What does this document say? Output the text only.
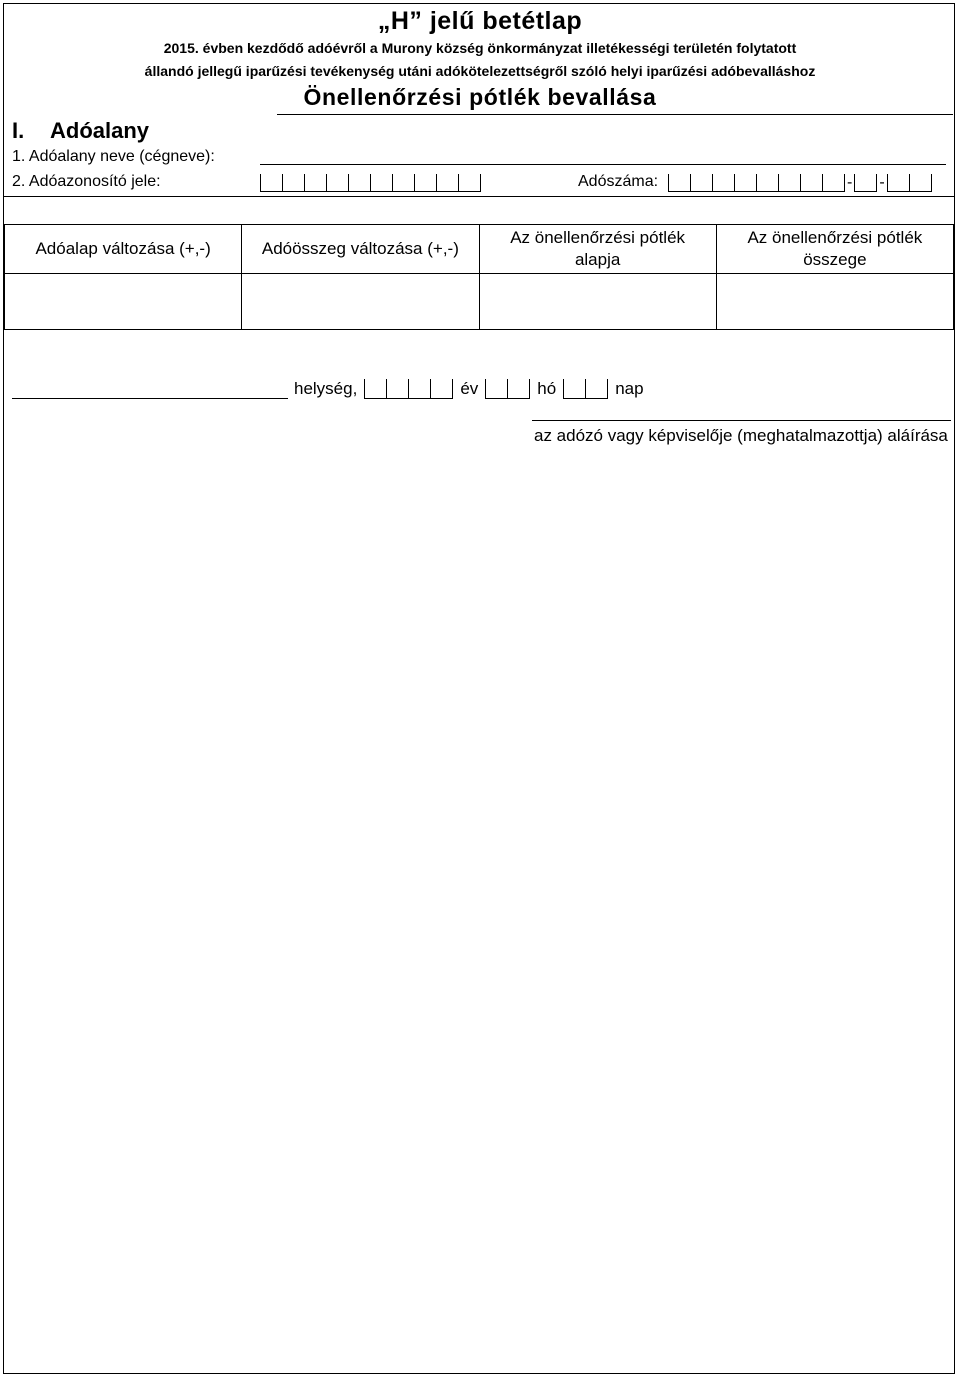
„H” jelű betétlap
2015. évben kezdődő adóévről a Murony község önkormányzat illetékességi területén folytatott
állandó jellegű iparűzési tevékenység utáni adókötelezettségről szóló helyi iparűzési adóbevalláshoz
Önellenőrzési pótlék bevallása
I. Adóalany
1. Adóalany neve (cégneve):
2. Adóazonosító jele:	Adószáma:	- -
Adóalap változása (+,-)	Adóösszeg változása (+,-)	Az önellenőrzési pótlék alapja	Az önellenőrzési pótlék összege

helység,	év	hó	nap
az adózó vagy képviselője (meghatalmazottja) aláírása
